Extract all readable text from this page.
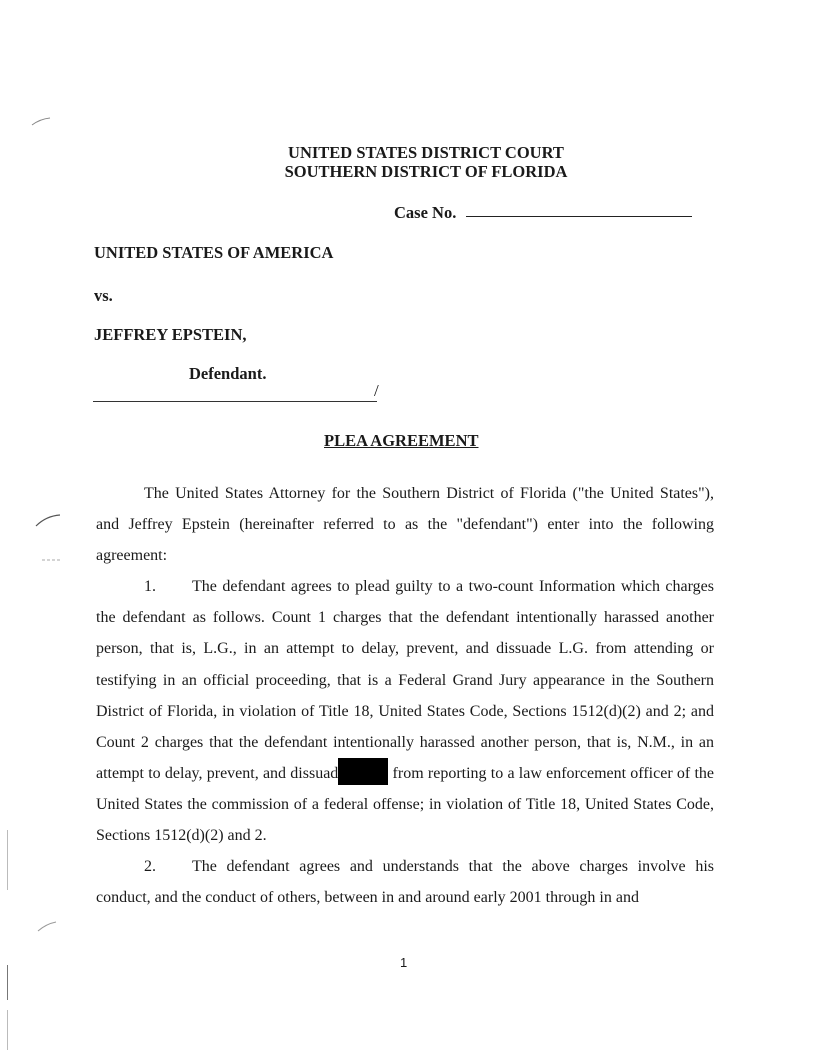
UNITED STATES DISTRICT COURT
SOUTHERN DISTRICT OF FLORIDA
Case No.
UNITED STATES OF AMERICA
vs.
JEFFREY EPSTEIN,
Defendant.
/
PLEA AGREEMENT

The United States Attorney for the Southern District of Florida ("the United States"), and Jeffrey Epstein (hereinafter referred to as the "defendant") enter into the following agreement:

1. The defendant agrees to plead guilty to a two-count Information which charges the defendant as follows. Count 1 charges that the defendant intentionally harassed another person, that is, L.G., in an attempt to delay, prevent, and dissuade L.G. from attending or testifying in an official proceeding, that is a Federal Grand Jury appearance in the Southern District of Florida, in violation of Title 18, United States Code, Sections 1512(d)(2) and 2; and Count 2 charges that the defendant intentionally harassed another person, that is, N.M., in an attempt to delay, prevent, and dissuad	from reporting to a law enforcement officer of the United States the commission of a federal offense; in violation of Title 18, United States Code, Sections 1512(d)(2) and 2.

2. The defendant agrees and understands that the above charges involve his conduct, and the conduct of others, between in and around early 2001 through in and

1
